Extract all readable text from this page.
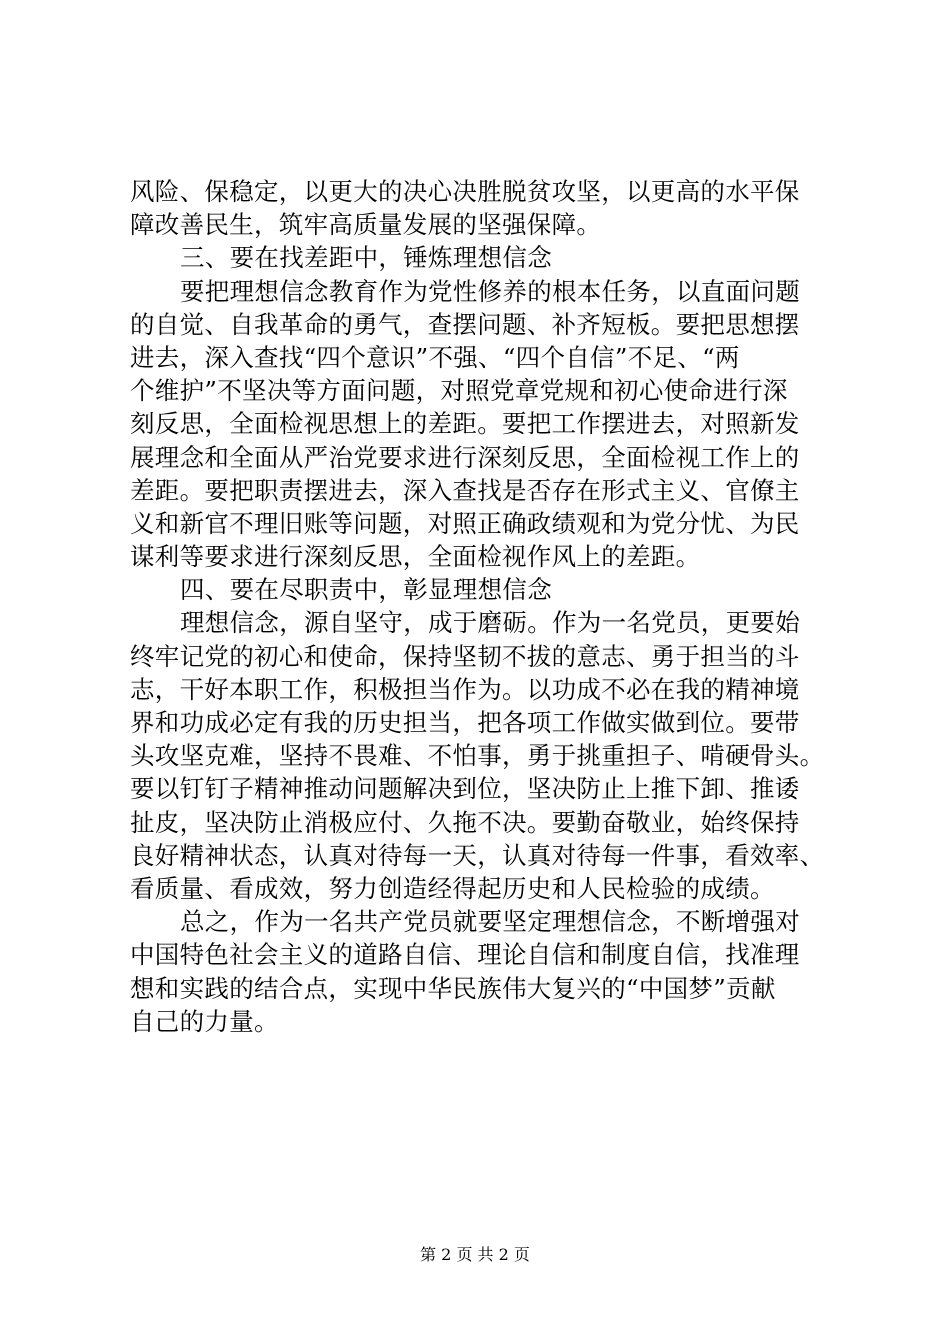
风险、保稳定，以更大的决心决胜脱贫攻坚，以更高的水平保
障改善民生，筑牢高质量发展的坚强保障。
三、要在找差距中，锤炼理想信念
要把理想信念教育作为党性修养的根本任务，以直面问题
的自觉、自我革命的勇气，查摆问题、补齐短板。要把思想摆
进去，深入查找“四个意识”不强、“四个自信”不足、“两
个维护”不坚决等方面问题，对照党章党规和初心使命进行深
刻反思，全面检视思想上的差距。要把工作摆进去，对照新发
展理念和全面从严治党要求进行深刻反思，全面检视工作上的
差距。要把职责摆进去，深入查找是否存在形式主义、官僚主
义和新官不理旧账等问题，对照正确政绩观和为党分忧、为民
谋利等要求进行深刻反思，全面检视作风上的差距。
四、要在尽职责中，彰显理想信念
理想信念，源自坚守，成于磨砺。作为一名党员，更要始
终牢记党的初心和使命，保持坚韧不拔的意志、勇于担当的斗
志，干好本职工作，积极担当作为。以功成不必在我的精神境
界和功成必定有我的历史担当，把各项工作做实做到位。要带
头攻坚克难，坚持不畏难、不怕事，勇于挑重担子、啃硬骨头。
要以钉钉子精神推动问题解决到位，坚决防止上推下卸、推诿
扯皮，坚决防止消极应付、久拖不决。要勤奋敬业，始终保持
良好精神状态，认真对待每一天，认真对待每一件事，看效率、
看质量、看成效，努力创造经得起历史和人民检验的成绩。
总之，作为一名共产党员就要坚定理想信念，不断增强对
中国特色社会主义的道路自信、理论自信和制度自信，找准理
想和实践的结合点，实现中华民族伟大复兴的“中国梦”贡献
自己的力量。
第 2 页 共 2 页
